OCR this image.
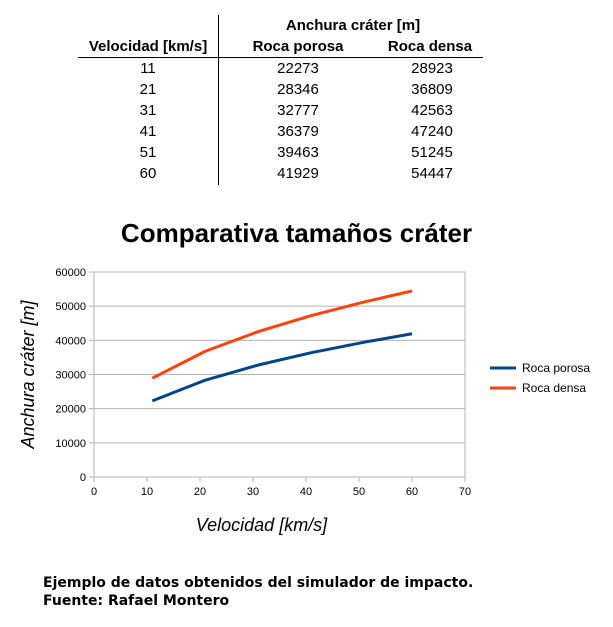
Anchura cráter [m]
Velocidad [km/s]	Roca porosa	Roca densa
11	22273	28923
21	28346	36809
31	32777	42563
41	36379	47240
51	39463	51245
60	41929	54447
Comparativa tamaños cráter
0
10000
20000
30000
40000
50000
60000
0	10	20	30	40	50	60	70
Anchura cráter [m]
Velocidad [km/s]
Roca porosa
Roca densa
Ejemplo de datos obtenidos del simulador de impacto.
Fuente: Rafael Montero
